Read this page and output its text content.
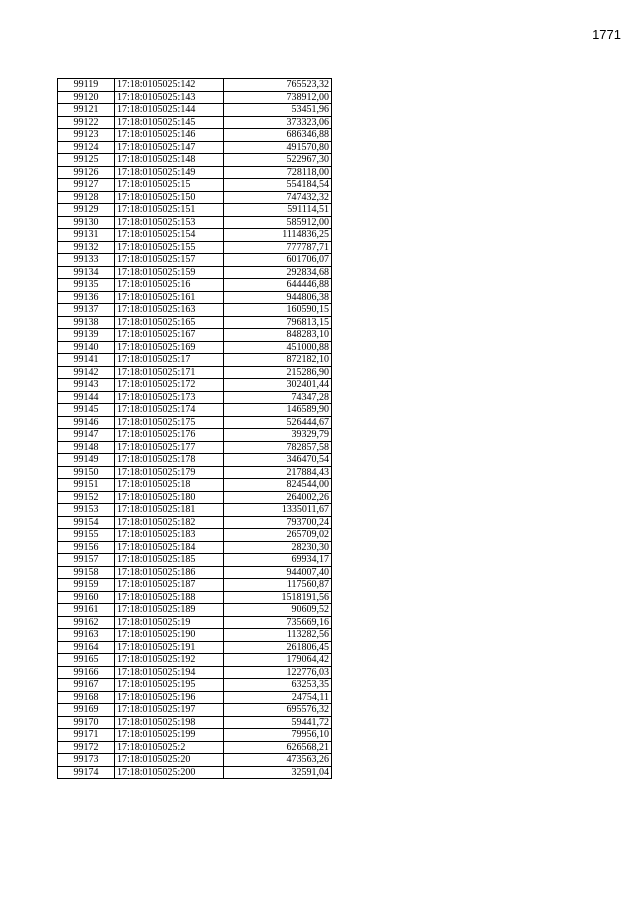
1771
99119	17:18:0105025:142	765523,32
99120	17:18:0105025:143	738912,00
99121	17:18:0105025:144	53451,96
99122	17:18:0105025:145	373323,06
99123	17:18:0105025:146	686346,88
99124	17:18:0105025:147	491570,80
99125	17:18:0105025:148	522967,30
99126	17:18:0105025:149	728118,00
99127	17:18:0105025:15	554184,54
99128	17:18:0105025:150	747432,32
99129	17:18:0105025:151	591114,51
99130	17:18:0105025:153	585912,00
99131	17:18:0105025:154	1114836,25
99132	17:18:0105025:155	777787,71
99133	17:18:0105025:157	601706,07
99134	17:18:0105025:159	292834,68
99135	17:18:0105025:16	644446,88
99136	17:18:0105025:161	944806,38
99137	17:18:0105025:163	160590,15
99138	17:18:0105025:165	796813,15
99139	17:18:0105025:167	848283,10
99140	17:18:0105025:169	451000,88
99141	17:18:0105025:17	872182,10
99142	17:18:0105025:171	215286,90
99143	17:18:0105025:172	302401,44
99144	17:18:0105025:173	74347,28
99145	17:18:0105025:174	146589,90
99146	17:18:0105025:175	526444,67
99147	17:18:0105025:176	39329,79
99148	17:18:0105025:177	782857,58
99149	17:18:0105025:178	346470,54
99150	17:18:0105025:179	217884,43
99151	17:18:0105025:18	824544,00
99152	17:18:0105025:180	264002,26
99153	17:18:0105025:181	1335011,67
99154	17:18:0105025:182	793700,24
99155	17:18:0105025:183	265709,02
99156	17:18:0105025:184	28230,30
99157	17:18:0105025:185	69934,17
99158	17:18:0105025:186	944007,40
99159	17:18:0105025:187	117560,87
99160	17:18:0105025:188	1518191,56
99161	17:18:0105025:189	90609,52
99162	17:18:0105025:19	735669,16
99163	17:18:0105025:190	113282,56
99164	17:18:0105025:191	261806,45
99165	17:18:0105025:192	179064,42
99166	17:18:0105025:194	122776,03
99167	17:18:0105025:195	63253,35
99168	17:18:0105025:196	24754,11
99169	17:18:0105025:197	695576,32
99170	17:18:0105025:198	59441,72
99171	17:18:0105025:199	79956,10
99172	17:18:0105025:2	626568,21
99173	17:18:0105025:20	473563,26
99174	17:18:0105025:200	32591,04
